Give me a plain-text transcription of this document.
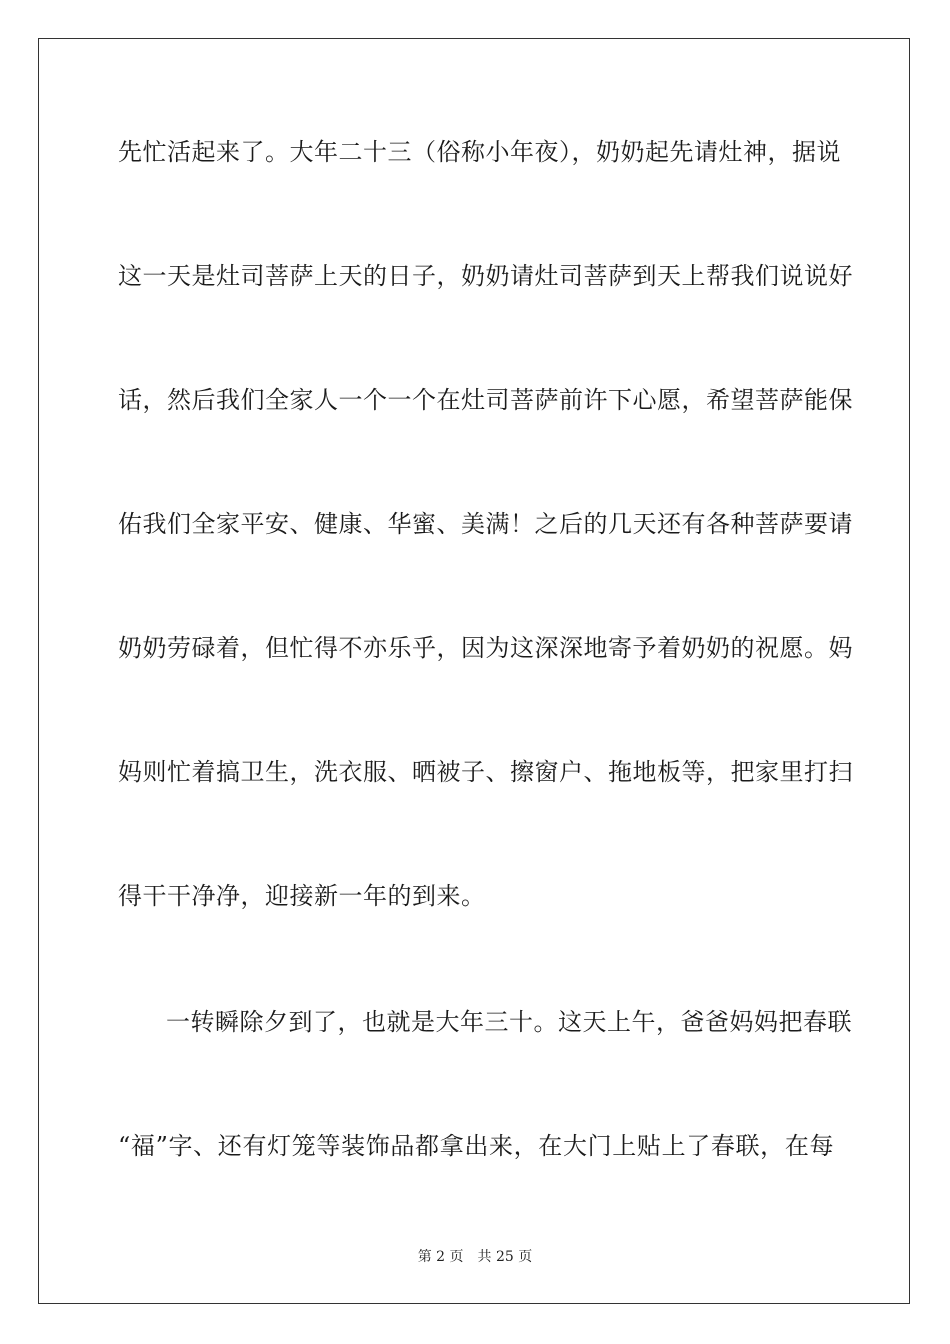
先忙活起来了。大年二十三（俗称小年夜），奶奶起先请灶神，据说
这一天是灶司菩萨上天的日子，奶奶请灶司菩萨到天上帮我们说说好
话，然后我们全家人一个一个在灶司菩萨前许下心愿，希望菩萨能保
佑我们全家平安、健康、华蜜、美满！之后的几天还有各种菩萨要请
奶奶劳碌着，但忙得不亦乐乎，因为这深深地寄予着奶奶的祝愿。妈
妈则忙着搞卫生，洗衣服、晒被子、擦窗户、拖地板等，把家里打扫
得干干净净，迎接新一年的到来。
一转瞬除夕到了，也就是大年三十。这天上午，爸爸妈妈把春联
“福”字、还有灯笼等装饰品都拿出来，在大门上贴上了春联，在每
第 2 页 共 25 页
